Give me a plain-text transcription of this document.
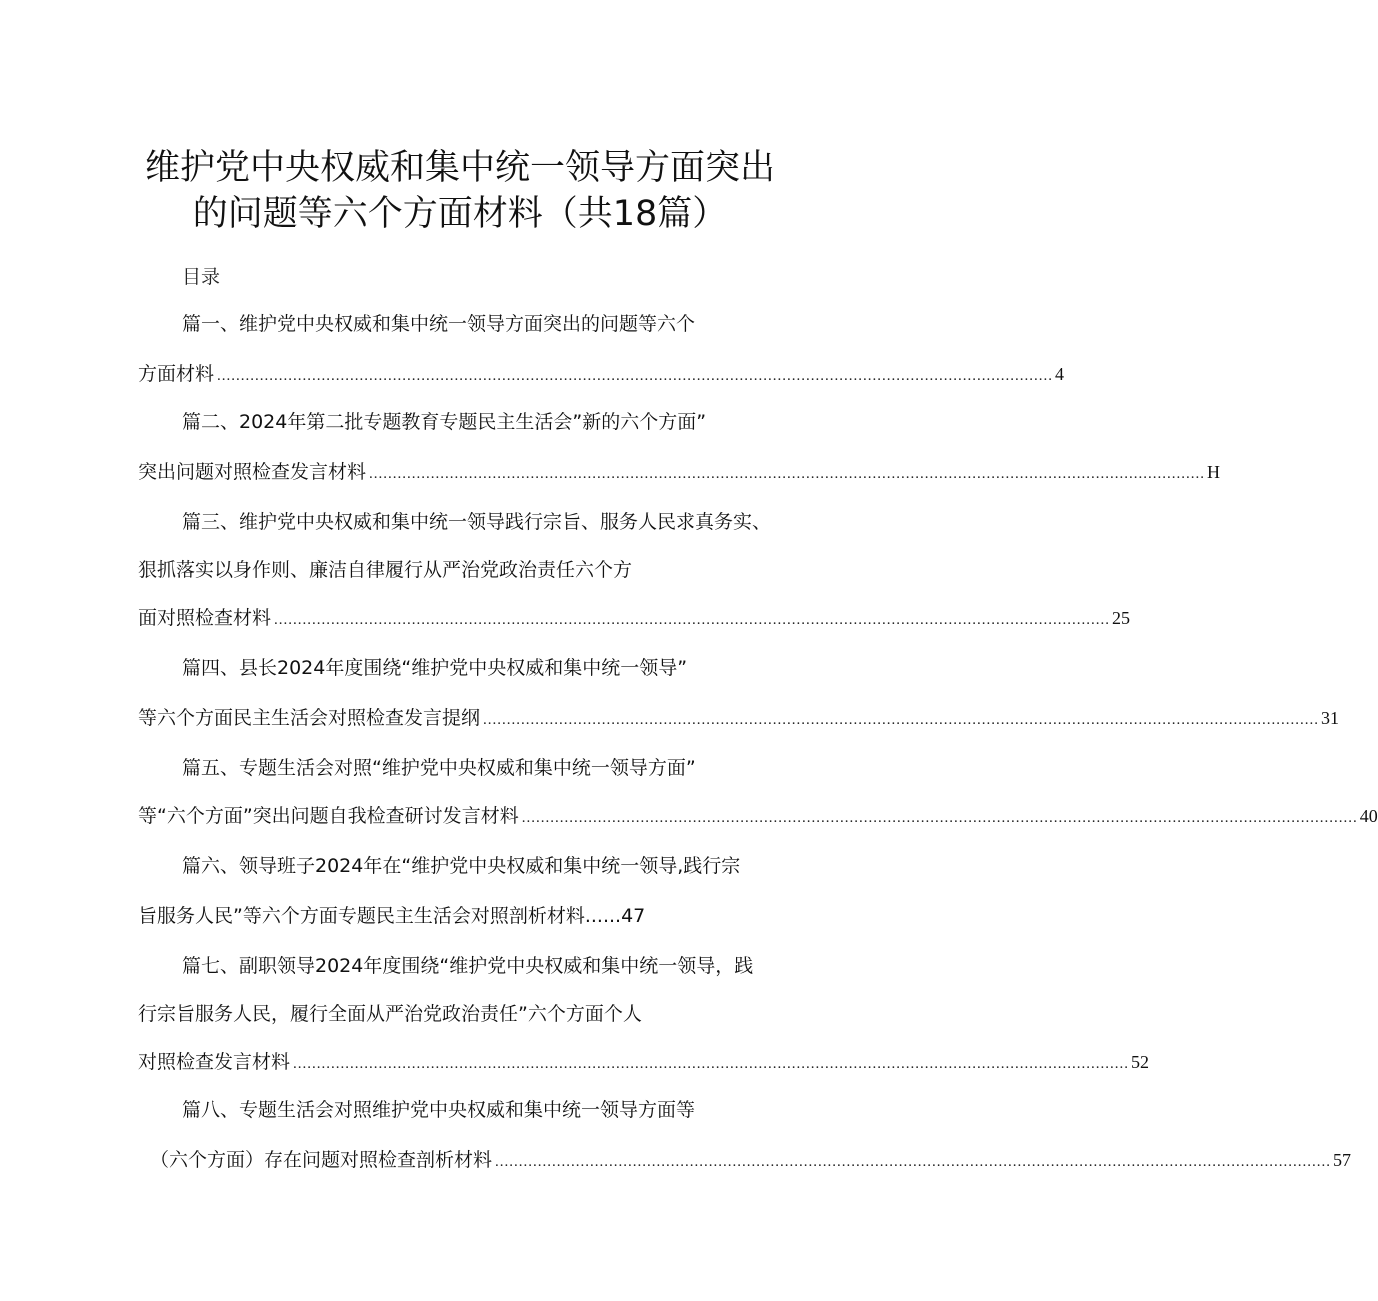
维护党中央权威和集中统一领导方面突出
的问题等六个方面材料（共18篇）
目录
篇一、维护党中央权威和集中统一领导方面突出的问题等六个
方面材料 ................................................................................................................................................................................ 4
篇二、2024年第二批专题教育专题民主生活会”新的六个方面”
突出问题对照检查发言材料 ................................................................................................................................................................................ H
篇三、维护党中央权威和集中统一领导践行宗旨、服务人民求真务实、
狠抓落实以身作则、廉洁自律履行从严治党政治责任六个方
面对照检查材料 ................................................................................................................................................................................ 25
篇四、县长2024年度围绕“维护党中央权威和集中统一领导”
等六个方面民主生活会对照检查发言提纲 ................................................................................................................................................................................ 31
篇五、专题生活会对照“维护党中央权威和集中统一领导方面”
等“六个方面”突出问题自我检查研讨发言材料 ................................................................................................................................................................................ 40
篇六、领导班子2024年在“维护党中央权威和集中统一领导,践行宗
旨服务人民”等六个方面专题民主生活会对照剖析材料......47
篇七、副职领导2024年度围绕“维护党中央权威和集中统一领导，践
行宗旨服务人民，履行全面从严治党政治责任”六个方面个人
对照检查发言材料 ................................................................................................................................................................................ 52
篇八、专题生活会对照维护党中央权威和集中统一领导方面等
（六个方面）存在问题对照检查剖析材料 ................................................................................................................................................................................ 57
